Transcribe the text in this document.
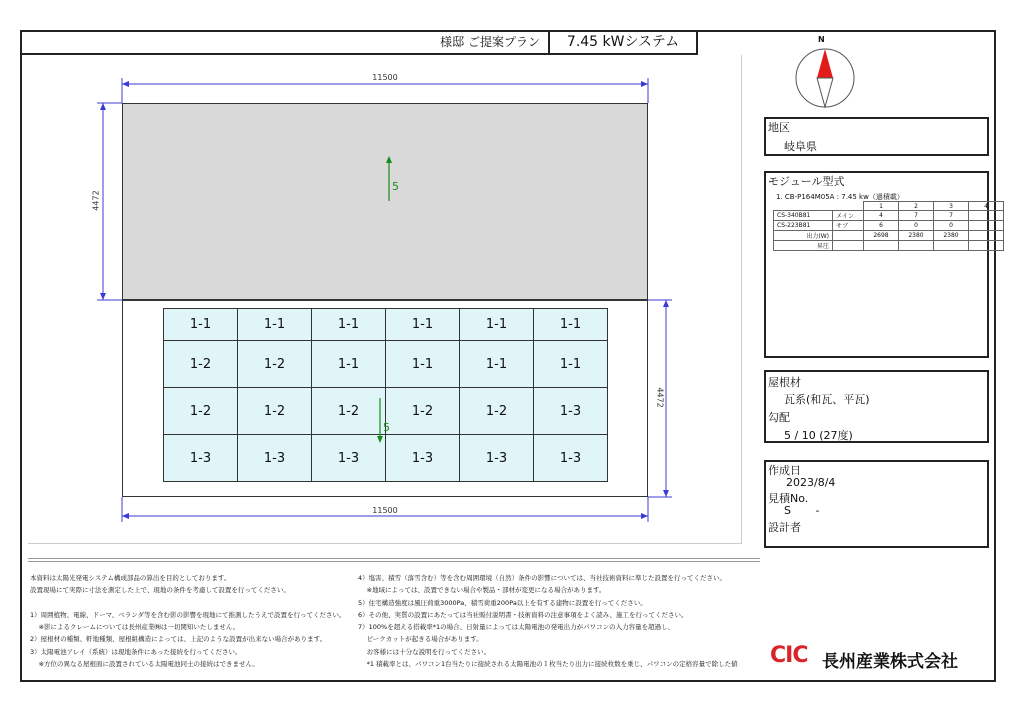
様邸 ご提案プラン	7.45 kWシステム
11500
11500
4472
4472
5
1-1	1-1	1-1	1-1	1-1	1-1
1-2	1-2	1-1	1-1	1-1	1-1
1-2	1-2	1-2	1-2	1-2	1-3
1-3	1-3	1-3	1-3	1-3	1-3
5
N
地区
岐阜県
モジュール型式
1. CB-P164M05A : 7.45 kw（過積載）
		1	2	3	4
CS-340B81	メイン	4	7	7	
CS-223B81	サブ	6	0	0	
出力(W)		2698	2380	2380	
昇圧					
屋根材
瓦系(和瓦、平瓦)
勾配
5 / 10 (27度)
作成日
2023/8/4
見積No.
S       -
設計者
本資料は太陽光発電システム構成部品の算出を目的としております。
設置現場にて実際に寸法を測定した上で、現地の条件を考慮して設置を行ってください。

1）周囲植物、電線、ドーマ、ベランダ等を含む影の影響を現地にて推測したうえで設置を行ってください。
　 ※影によるクレームについては長州産業㈱は一切関知いたしません。
2）屋根材の種類、軒地種類、屋根組構造によっては、上記のような設置が出来ない場合があります。
3）太陽電池アレイ（系統）は現地条件にあった接続を行ってください。
　 ※方位の異なる屋根面に設置されている太陽電池同士の接続はできません。
4）塩害、積雪（落雪含む）等を含む周囲環境（自然）条件の影響については、当社技術資料に準じた設置を行ってください。
　 ※地域によっては、設置できない場合や製品・部材が変更になる場合があります。
5）住宅構造強度は風圧荷重3000Pa、積雪荷重200Pa以上を有する建物に設置を行ってください。
6）その他、実質の設置にあたっては当社販付説明書・技術資料の注意事項をよく読み、施工を行ってください。
7）100%を超える搭載率*1の場合、日射量によっては太陽電池の発電出力がパワコンの入力容量を超過し、
　 ピークカットが起きる場合があります。
　 お客様には十分な説明を行ってください。
　 *1 積載率とは、パワコン1台当たりに接続される太陽電池の１枚当たり出力に接続枚数を乗じ、パワコンの定格容量で除した値 CIC 長州産業株式会社
